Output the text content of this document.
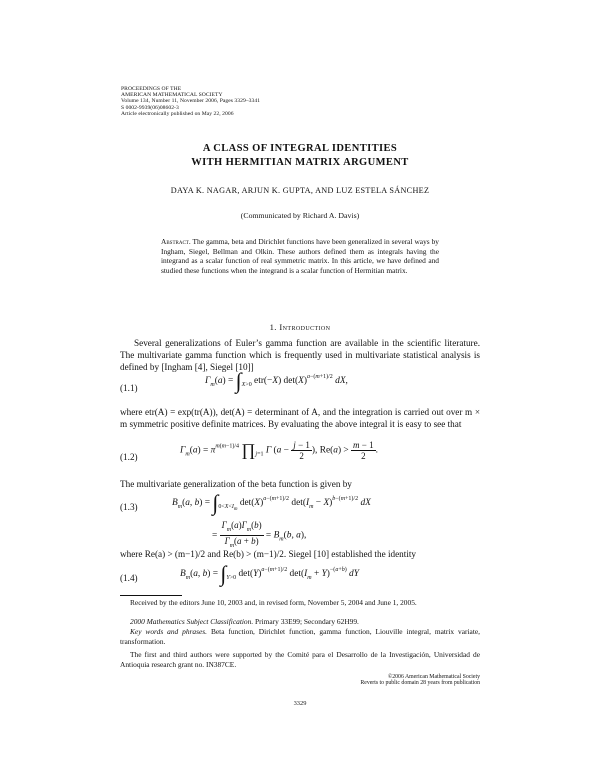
PROCEEDINGS OF THE
AMERICAN MATHEMATICAL SOCIETY
Volume 134, Number 11, November 2006, Pages 3329–3341
S 0002-9939(06)08602-3
Article electronically published on May 22, 2006
A CLASS OF INTEGRAL IDENTITIES
WITH HERMITIAN MATRIX ARGUMENT
DAYA K. NAGAR, ARJUN K. GUPTA, AND LUZ ESTELA SÁNCHEZ
(Communicated by Richard A. Davis)
Abstract. The gamma, beta and Dirichlet functions have been generalized in several ways by Ingham, Siegel, Bellman and Olkin. These authors defined them as integrals having the integrand as a scalar function of real symmetric matrix. In this article, we have defined and studied these functions when the integrand is a scalar function of Hermitian matrix.
1. Introduction
Several generalizations of Euler’s gamma function are available in the scientific literature. The multivariate gamma function which is frequently used in multivariate statistical analysis is defined by [Ingham [4], Siegel [10]]
(1.1)
$\Gamma_m(a) = \int_{X>0}$ etr(−X) $\det(X)^{a-(m+1)/2}$ dX,
where etr(A) = exp(tr(A)), det(A) = determinant of A, and the integration is carried out over m × m symmetric positive definite matrices. By evaluating the above integral it is easy to see that
(1.2)
$\Gamma_m(a) = \pi^{m(m-1)/4}$ $\prod_{j=1}$ Γ ($a - \frac{j - 1}{2}$ ), $Re(a) > \frac{m - 1}{2}$ .
The multivariate generalization of the beta function is given by
(1.3)	$B_m(a$, $b) = \int_{0<X<I_m}$ $\det(X)^{a-(m+1)/2}$ $\det(I_m - X)^{b-(m+1)/2}$ dX
= $\frac{\Gamma_m(a)\Gamma_m(b)}{\Gamma_m(a + b)} = B_m(b$, a),
where Re(a) > (m−1)/2 and Re(b) > (m−1)/2. Siegel [10] established the identity
(1.4)	$B_m(a$, $b) = \int_{Y>0}$ $\det(Y)^{a-(m+1)/2}$ $\det(I_m + Y)^{-(a+b)}$ dY
Received by the editors June 10, 2003 and, in revised form, November 5, 2004 and June 1, 2005.
2000 Mathematics Subject Classification. Primary 33E99; Secondary 62H99.
Key words and phrases. Beta function, Dirichlet function, gamma function, Liouville integral, matrix variate, transformation.
The first and third authors were supported by the Comité para el Desarrollo de la Investigación, Universidad de Antioquia research grant no. IN387CE.
©2006 American Mathematical Society
Reverts to public domain 28 years from publication
3329
